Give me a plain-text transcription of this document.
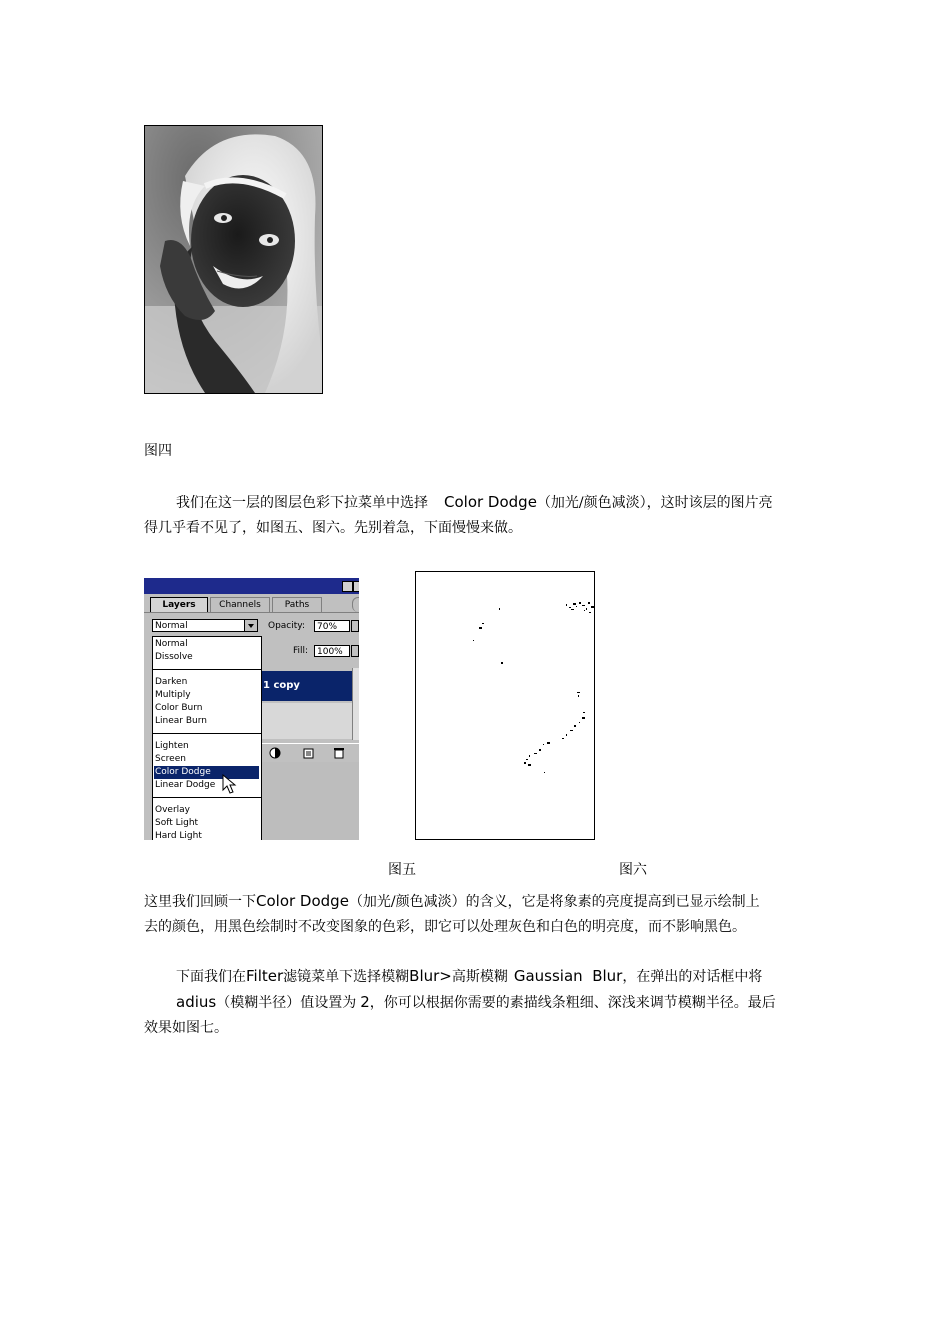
图四
我们在这一层的图层色彩下拉菜单中选择 Color Dodge（加光/颜色减淡），这时该层的图片亮
得几乎看不见了，如图五、图六。先别着急，下面慢慢来做。
Layers	Channels	Paths
Normal	Opacity:	70%
Fill: 100%
1 copy
Normal
Dissolve
Darken
Multiply
Color Burn
Linear Burn
Lighten
Screen
Color Dodge
Linear Dodge
Overlay
Soft Light
Hard Light
图五	图六
这里我们回顾一下Color Dodge（加光/颜色减淡）的含义，它是将象素的亮度提高到已显示绘制上
去的颜色，用黑色绘制时不改变图象的色彩，即它可以处理灰色和白色的明亮度，而不影响黑色。
下面我们在Filter滤镜菜单下选择模糊Blur>高斯模糊 Gaussian  Blur，在弹出的对话框中将
adius（模糊半径）值设置为 2，你可以根据你需要的素描线条粗细、深浅来调节模糊半径。最后
效果如图七。
